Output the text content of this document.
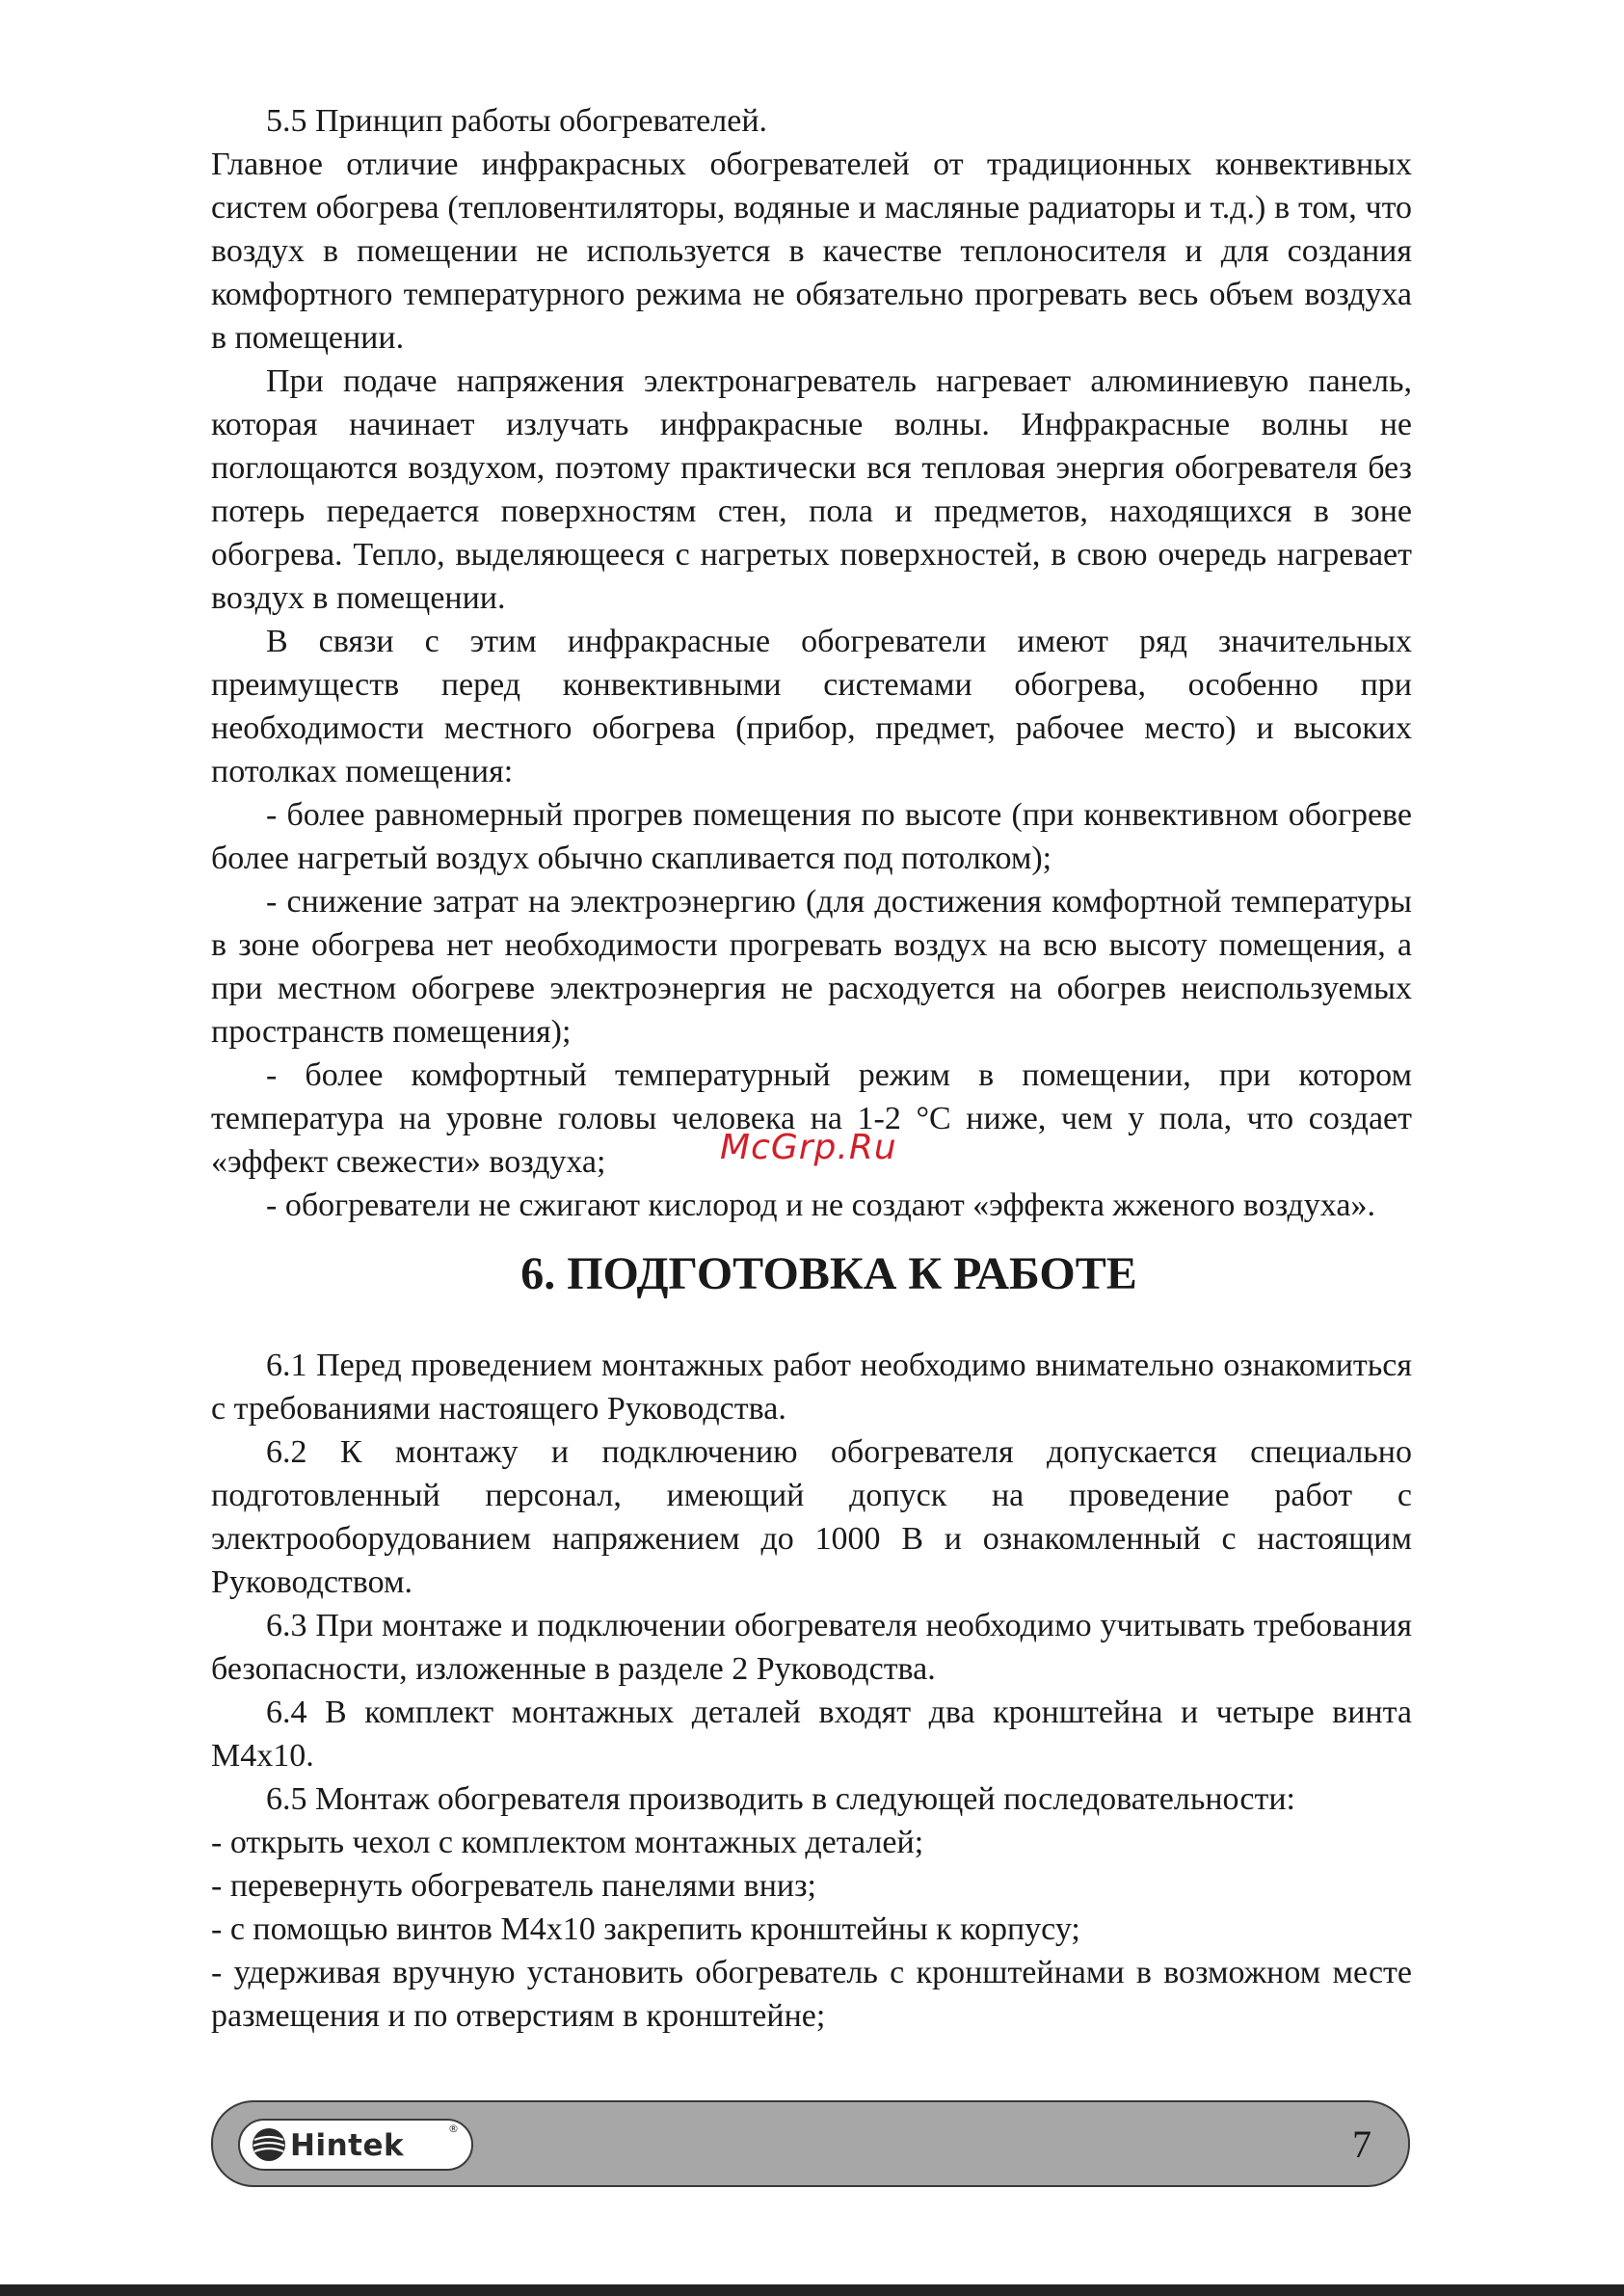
5.5 Принцип работы обогревателей.

Главное отличие инфракрасных обогревателей от традиционных конвективных систем обогрева (тепловентиляторы, водяные и масляные радиаторы и т.д.) в том, что воздух в помещении не используется в качестве теплоносителя и для создания комфортного температурного режима не обязательно прогревать весь объем воздуха в помещении.

При подаче напряжения электронагреватель нагревает алюминиевую панель, которая начинает излучать инфракрасные волны. Инфракрасные волны не поглощаются воздухом, поэтому практически вся тепловая энергия обогревателя без потерь передается поверхностям стен, пола и предметов, находящихся в зоне обогрева. Тепло, выделяющееся с нагретых поверхностей, в свою очередь нагревает воздух в помещении.

В связи с этим инфракрасные обогреватели имеют ряд значительных преимуществ перед конвективными системами обогрева, особенно при необходимости местного обогрева (прибор, предмет, рабочее место) и высоких потолках помещения:

- более равномерный прогрев помещения по высоте (при конвективном обогреве более нагретый воздух обычно скапливается под потолком);

- снижение затрат на электроэнергию (для достижения комфортной температуры в зоне обогрева нет необходимости прогревать воздух на всю высоту помещения, а при местном обогреве электроэнергия не расходуется на обогрев неиспользуемых пространств помещения);

- более комфортный температурный режим в помещении, при котором температура на уровне головы человека на 1-2 °С ниже, чем у пола, что создает «эффект свежести» воздуха;

- обогреватели не сжигают кислород и не создают «эффекта жженого воздуха».

6. ПОДГОТОВКА К РАБОТЕ

6.1 Перед проведением монтажных работ необходимо внимательно ознакомиться с требованиями настоящего Руководства.

6.2 К монтажу и подключению обогревателя допускается специально подготовленный персонал, имеющий допуск на проведение работ с электрооборудованием напряжением до 1000 В и ознакомленный с настоящим Руководством.

6.3 При монтаже и подключении обогревателя необходимо учитывать требования безопасности, изложенные в разделе 2 Руководства.

6.4 В комплект монтажных деталей входят два кронштейна и четыре винта М4х10.

6.5 Монтаж обогревателя производить в следующей последовательности:

- открыть чехол с комплектом монтажных деталей;

- перевернуть обогреватель панелями вниз;

- с помощью винтов М4х10 закрепить кронштейны к корпусу;

- удерживая вручную установить обогреватель с кронштейнами в возможном месте размещения и по отверстиям в кронштейне;

McGrp.Ru
Hintek	®	7
